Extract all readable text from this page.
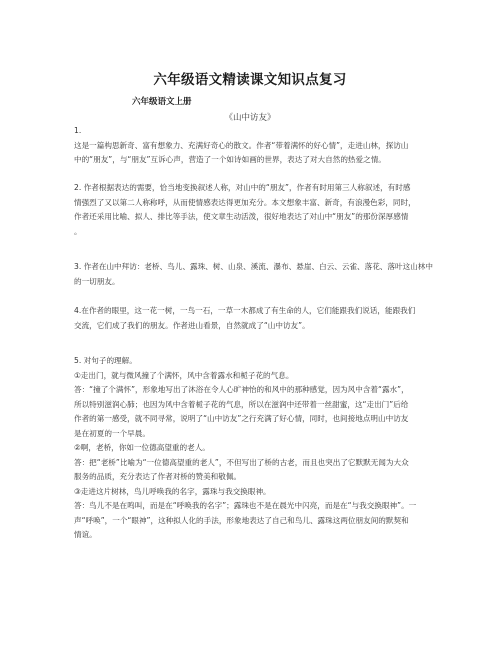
六年级语文精读课文知识点复习
六年级语文上册
《山中访友》
1.
这是一篇构思新奇、富有想象力、充满好奇心的散文。作者“带着满怀的好心情”，走进山林，探访山
中的“朋友”，与“朋友”互诉心声，营造了一个如诗如画的世界，表达了对大自然的热爱之情。
2. 作者根据表达的需要，恰当地变换叙述人称，对山中的“朋友”，作者有时用第三人称叙述，有时感
情强烈了又以第二人称称呼，从而使情感表达得更加充分。本文想象丰富、新奇，有浪漫色彩，同时，
作者还采用比喻、拟人、排比等手法，使文章生动活泼，很好地表达了对山中“朋友”的那份深厚感情
。
3. 作者在山中拜访：老桥、鸟儿、露珠、树、山泉、溪流、瀑布、悬崖、白云、云雀、落花、落叶这山林中
的一切朋友。
4.在作者的眼里，这一花一树，一鸟一石，一草一木都成了有生命的人，它们能跟我们说话，能跟我们
交流，它们成了我们的朋友。作者进山看景，自然就成了“山中访友”。
5. 对句子的理解。
①走出门，就与微风撞了个满怀，风中含着露水和栀子花的气息。
答：“撞了个满怀”，形象地写出了沐浴在令人心旷神怡的和风中的那种感觉，因为风中含着“露水”，
所以特别滋润心肺；也因为风中含着栀子花的气息，所以在滋润中还带着一丝甜蜜，这“走出门”后给
作者的第一感受，就不同寻常，说明了“山中访友”之行充满了好心情，同时，也间接地点明山中访友
是在初夏的一个早晨。
②啊，老桥，你如一位德高望重的老人。
答：把“老桥”比喻为“一位德高望重的老人”，不但写出了桥的古老，而且也突出了它默默无闻为大众
服务的品质，充分表达了作者对桥的赞美和敬佩。
③走进这片树林，鸟儿呼唤我的名字，露珠与我交换眼神。
答：鸟儿不是在鸣叫，而是在“呼唤我的名字”；露珠也不是在晨光中闪亮，而是在“与我交换眼神”。一
声“呼唤”，一个“眼神”，这种拟人化的手法，形象地表达了自己和鸟儿、露珠这两位朋友间的默契和
情谊。
